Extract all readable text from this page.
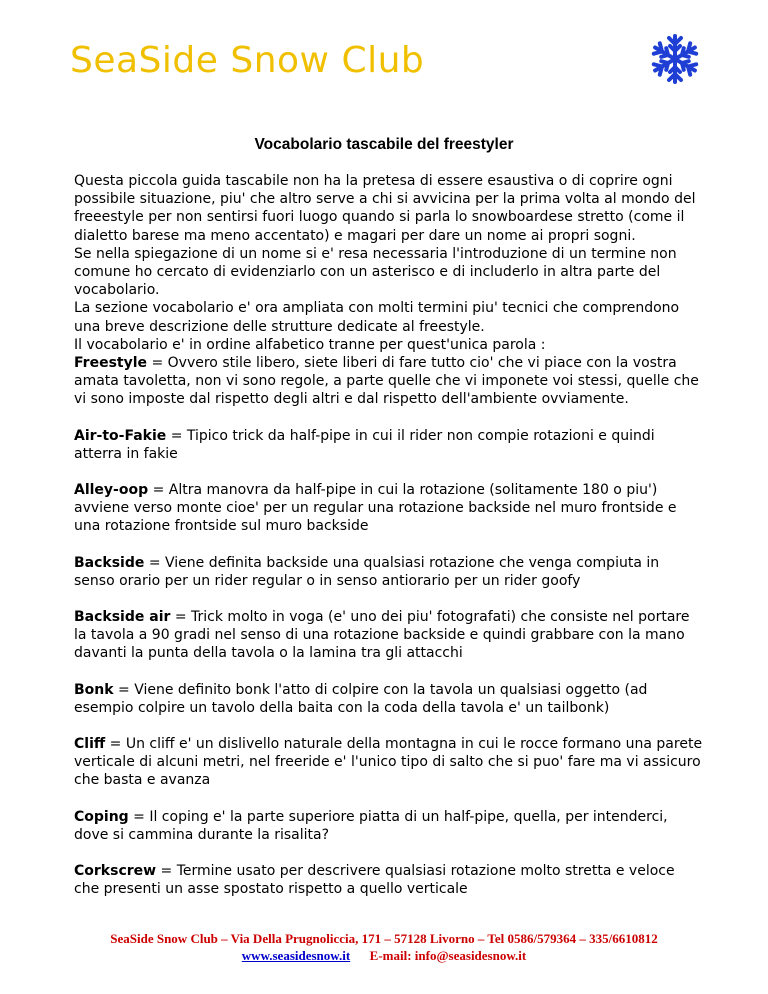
SeaSide Snow Club
Vocabolario tascabile del freestyler

Questa piccola guida tascabile non ha la pretesa di essere esaustiva o di coprire ogni possibile situazione, piu' che altro serve a chi si avvicina per la prima volta al mondo del freeestyle per non sentirsi fuori luogo quando si parla lo snowboardese stretto (come il dialetto barese ma meno accentato) e magari per dare un nome ai propri sogni.

Se nella spiegazione di un nome si e' resa necessaria l'introduzione di un termine non comune ho cercato di evidenziarlo con un asterisco e di includerlo in altra parte del vocabolario.

La sezione vocabolario e' ora ampliata con molti termini piu' tecnici che comprendono una breve descrizione delle strutture dedicate al freestyle.

Il vocabolario e' in ordine alfabetico tranne per quest'unica parola :

Freestyle = Ovvero stile libero, siete liberi di fare tutto cio' che vi piace con la vostra amata tavoletta, non vi sono regole, a parte quelle che vi imponete voi stessi, quelle che vi sono imposte dal rispetto degli altri e dal rispetto dell'ambiente ovviamente.

Air-to-Fakie = Tipico trick da half-pipe in cui il rider non compie rotazioni e quindi atterra in fakie

Alley-oop = Altra manovra da half-pipe in cui la rotazione (solitamente 180 o piu') avviene verso monte cioe' per un regular una rotazione backside nel muro frontside e una rotazione frontside sul muro backside

Backside = Viene definita backside una qualsiasi rotazione che venga compiuta in senso orario per un rider regular o in senso antiorario per un rider goofy

Backside air = Trick molto in voga (e' uno dei piu' fotografati) che consiste nel portare la tavola a 90 gradi nel senso di una rotazione backside e quindi grabbare con la mano davanti la punta della tavola o la lamina tra gli attacchi

Bonk = Viene definito bonk l'atto di colpire con la tavola un qualsiasi oggetto (ad esempio colpire un tavolo della baita con la coda della tavola e' un tailbonk)

Cliff = Un cliff e' un dislivello naturale della montagna in cui le rocce formano una parete verticale di alcuni metri, nel freeride e' l'unico tipo di salto che si puo' fare ma vi assicuro che basta e avanza

Coping = Il coping e' la parte superiore piatta di un half-pipe, quella, per intenderci, dove si cammina durante la risalita?

Corkscrew = Termine usato per descrivere qualsiasi rotazione molto stretta e veloce che presenti un asse spostato rispetto a quello verticale

SeaSide Snow Club – Via Della Prugnoliccia, 171 – 57128 Livorno – Tel 0586/579364 – 335/6610812
www.seasidesnow.it E-mail: info@seasidesnow.it
